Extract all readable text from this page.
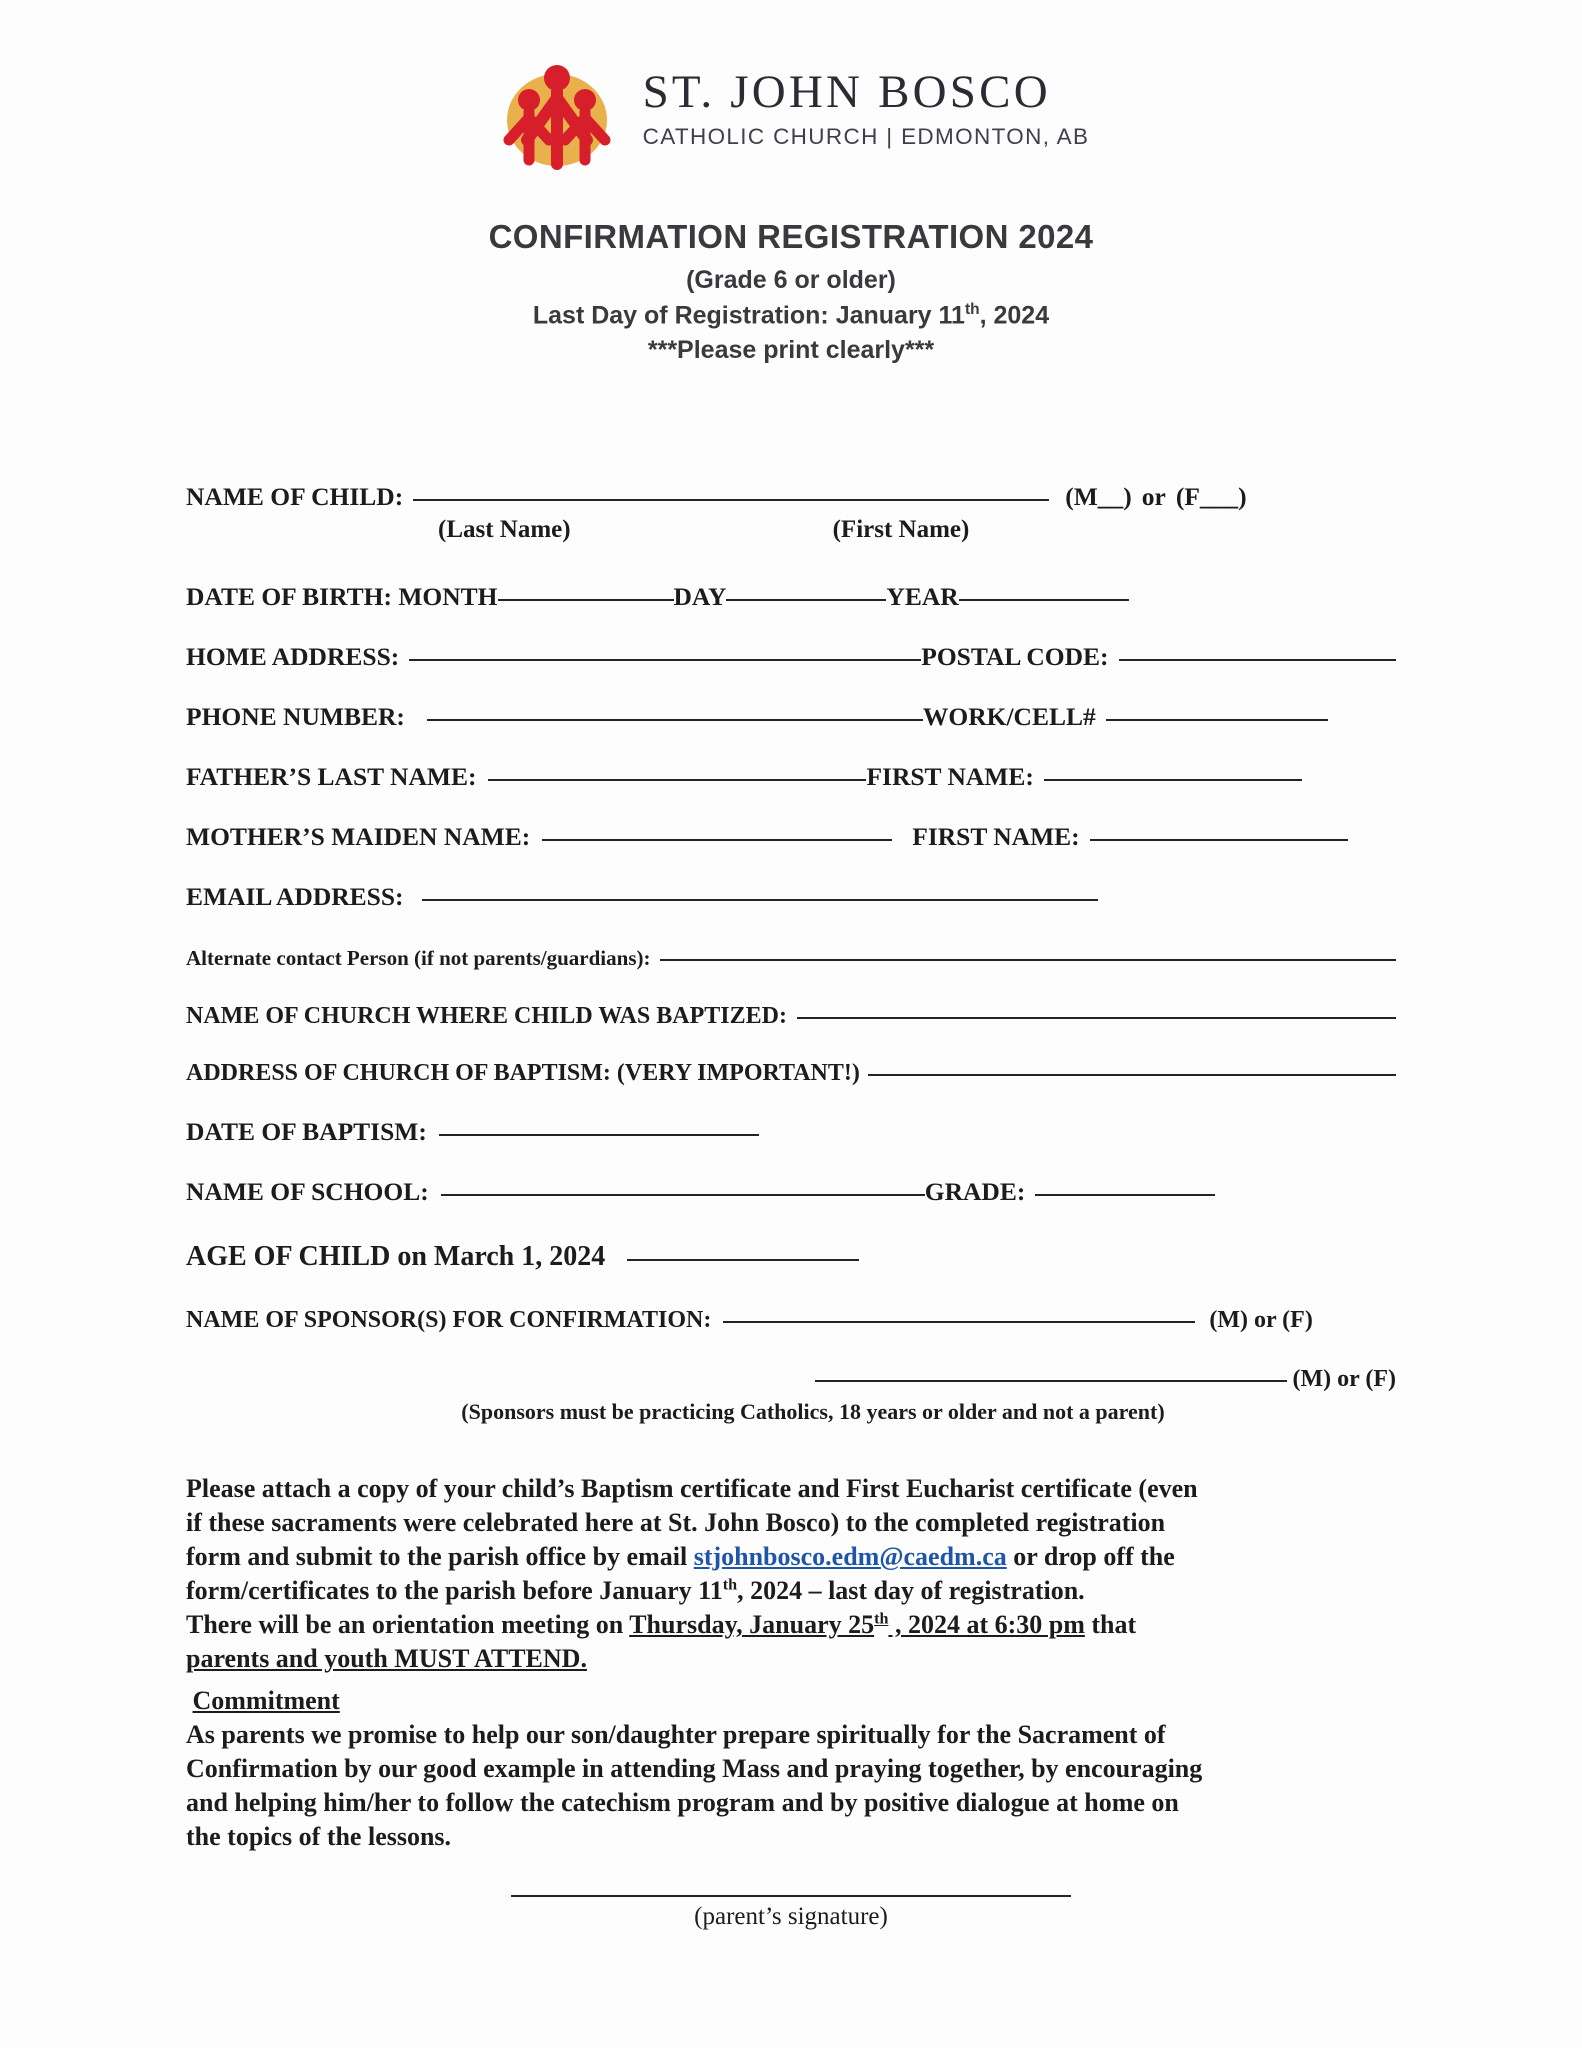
ST. JOHN BOSCO
CATHOLIC CHURCH | EDMONTON, AB
CONFIRMATION REGISTRATION 2024
(Grade 6 or older)
Last Day of Registration: January 11th, 2024
***Please print clearly***
NAME OF CHILD:	(M__) or (F___)
(Last Name)	(First Name)
DATE OF BIRTH: MONTH	DAY	YEAR
HOME ADDRESS:	POSTAL CODE:
PHONE NUMBER:	WORK/CELL#
FATHER’S LAST NAME:	FIRST NAME:
MOTHER’S MAIDEN NAME:	FIRST NAME:
EMAIL ADDRESS:
Alternate contact Person (if not parents/guardians):
NAME OF CHURCH WHERE CHILD WAS BAPTIZED:
ADDRESS OF CHURCH OF BAPTISM: (VERY IMPORTANT!)
DATE OF BAPTISM:
NAME OF SCHOOL:	GRADE:
AGE OF CHILD on March 1, 2024
NAME OF SPONSOR(S) FOR CONFIRMATION:	(M) or (F)
(M) or (F)
(Sponsors must be practicing Catholics, 18 years or older and not a parent)

Please attach a copy of your child’s Baptism certificate and First Eucharist certificate (even

if these sacraments were celebrated here at St. John Bosco) to the completed registration

form and submit to the parish office by email stjohnbosco.edm@caedm.ca or drop off the

form/certificates to the parish before January 11th, 2024 – last day of registration.

There will be an orientation meeting on Thursday, January 25th , 2024 at 6:30 pm that

parents and youth MUST ATTEND.

Commitment

As parents we promise to help our son/daughter prepare spiritually for the Sacrament of

Confirmation by our good example in attending Mass and praying together, by encouraging

and helping him/her to follow the catechism program and by positive dialogue at home on

the topics of the lessons.

(parent’s signature)
